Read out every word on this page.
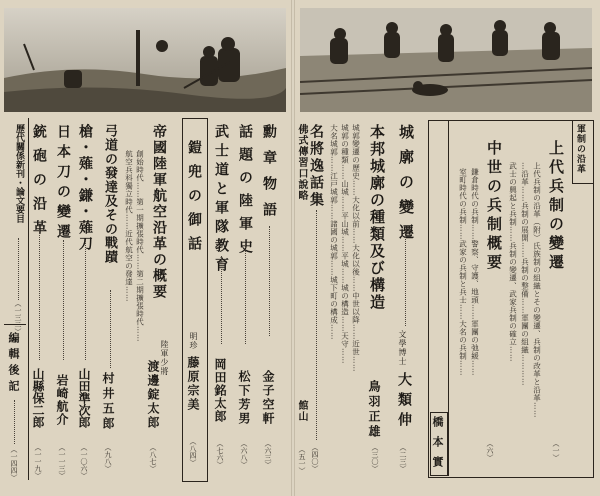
軍制の沿革
上代兵制の變遷
上代兵制の沿革（附）氏族制の組織とその變遷、兵制の改革と沿革……
…沿革……兵制の展開……兵制の整備……軍團の組織…………
武士の興起と兵制……兵制の變遷、武家兵制の確立……
（一）
中世の兵制概要
鎌倉時代の兵制……警察、守護、地頭……軍團の弛緩……
室町時代の兵制……武家の兵制と兵士……大名の兵制……
（六）
橋
本
實
城廓の變遷
文學博士
大類伸
（二三）
本邦城廓の種類及び構造
城郭變遷の歷史……大化以前……大化以後……中世以降……近世……
城郭の種類……山城……平山城……平城……城の構造……天守……
大名城郭……江戸城郭……諸國の城郭……城下町の構成……
鳥羽正雄
（三〇）
名將逸話集
（四〇）
佛式傳習口說略
館山
（五一）
勳章物語
金子空軒
（六三）
話題の陸軍史
松下芳男
（六八）
武士道と軍隊教育
岡田銘太郎
（七六）
鎧兜の御話
明珍
藤原宗美
（八四）
帝國陸軍航空沿革の概要
創始時代……第一期擴張時代……第二期擴張時代……
航空兵科獨立時代……近代航空の發達……
陸軍少將
渡邊錠太郎
（八七）
弓道の發達及その戰蹟
村井五郎
（九八）
槍・薙・鎌・薙刀
山田準次郎
（一〇六）
日本刀の變遷
岩崎航介
（一一三）
銃砲の沿革
山縣保二郎
（一一九）
歷代關係新刊・論文要目
（一三二）
編輯後記
（一四四）
